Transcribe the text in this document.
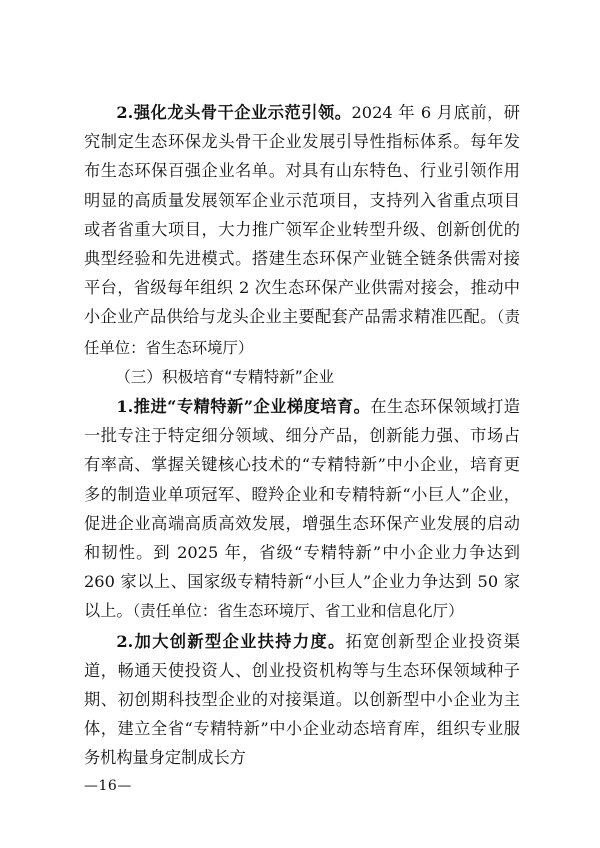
2.强化龙头骨干企业示范引领。2024 年 6 月底前，研究制定生态环保龙头骨干企业发展引导性指标体系。每年发布生态环保百强企业名单。对具有山东特色、行业引领作用明显的高质量发展领军企业示范项目，支持列入省重点项目或者省重大项目，大力推广领军企业转型升级、创新创优的典型经验和先进模式。搭建生态环保产业链全链条供需对接平台，省级每年组织 2 次生态环保产业供需对接会，推动中小企业产品供给与龙头企业主要配套产品需求精准匹配。（责任单位：省生态环境厅）

（三）积极培育“专精特新”企业

1.推进“专精特新”企业梯度培育。在生态环保领域打造一批专注于特定细分领域、细分产品，创新能力强、市场占有率高、掌握关键核心技术的“专精特新”中小企业，培育更多的制造业单项冠军、瞪羚企业和专精特新“小巨人”企业，促进企业高端高质高效发展，增强生态环保产业发展的启动和韧性。到 2025 年，省级“专精特新”中小企业力争达到 260 家以上、国家级专精特新“小巨人”企业力争达到 50 家以上。（责任单位：省生态环境厅、省工业和信息化厅）

2.加大创新型企业扶持力度。拓宽创新型企业投资渠道，畅通天使投资人、创业投资机构等与生态环保领域种子期、初创期科技型企业的对接渠道。以创新型中小企业为主体，建立全省“专精特新”中小企业动态培育库，组织专业服务机构量身定制成长方

—16—
